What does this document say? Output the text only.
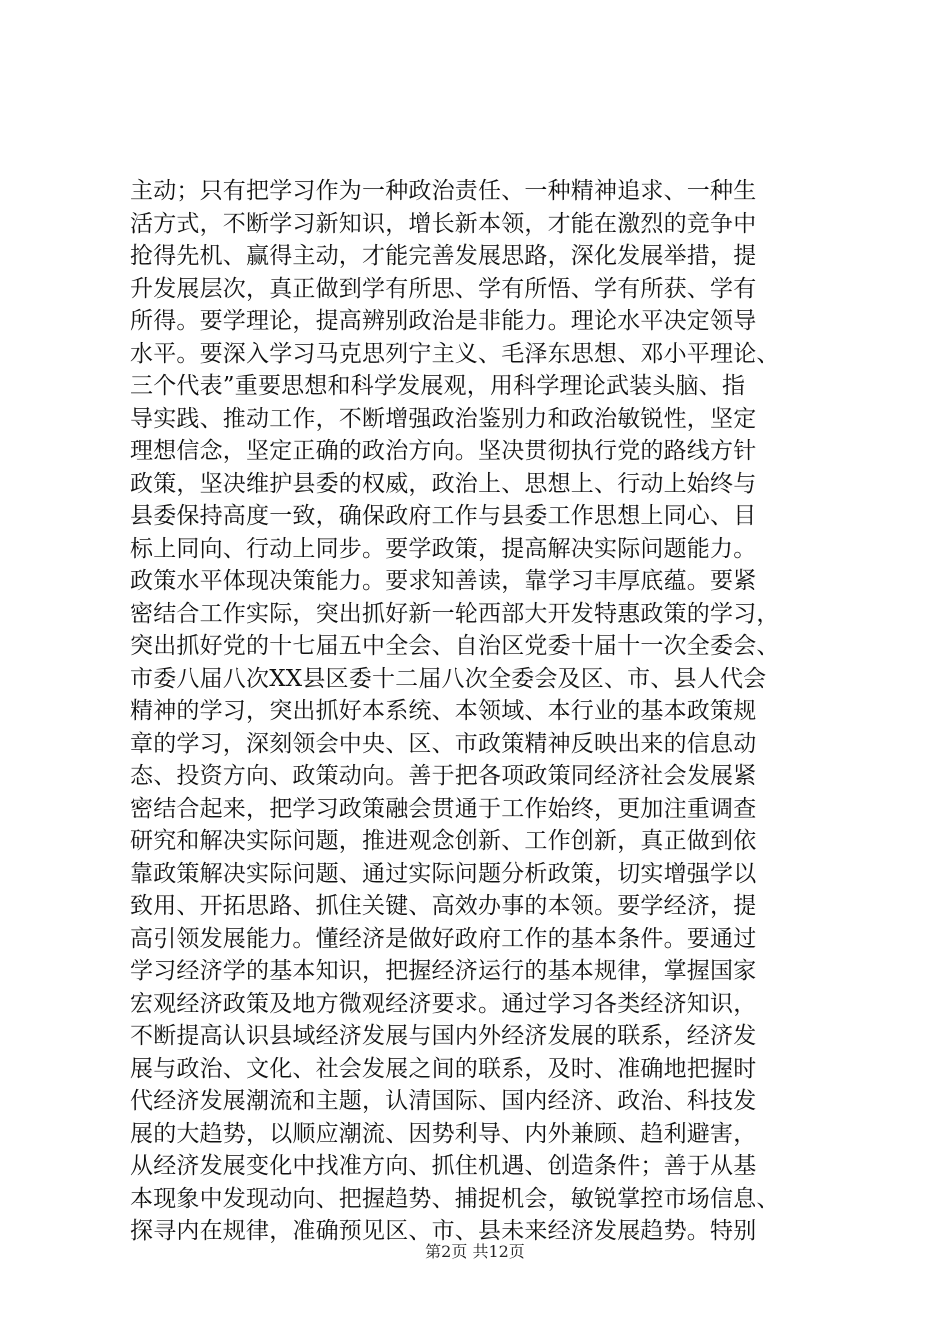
主动；只有把学习作为一种政治责任、一种精神追求、一种生
活方式，不断学习新知识，增长新本领，才能在激烈的竞争中
抢得先机、赢得主动，才能完善发展思路，深化发展举措，提
升发展层次，真正做到学有所思、学有所悟、学有所获、学有
所得。要学理论，提高辨别政治是非能力。理论水平决定领导
水平。要深入学习马克思列宁主义、毛泽东思想、邓小平理论、
三个代表”重要思想和科学发展观，用科学理论武装头脑、指
导实践、推动工作，不断增强政治鉴别力和政治敏锐性，坚定
理想信念，坚定正确的政治方向。坚决贯彻执行党的路线方针
政策，坚决维护县委的权威，政治上、思想上、行动上始终与
县委保持高度一致，确保政府工作与县委工作思想上同心、目
标上同向、行动上同步。要学政策，提高解决实际问题能力。
政策水平体现决策能力。要求知善读，靠学习丰厚底蕴。要紧
密结合工作实际，突出抓好新一轮西部大开发特惠政策的学习，
突出抓好党的十七届五中全会、自治区党委十届十一次全委会、
市委八届八次XX县区委十二届八次全委会及区、市、县人代会
精神的学习，突出抓好本系统、本领域、本行业的基本政策规
章的学习，深刻领会中央、区、市政策精神反映出来的信息动
态、投资方向、政策动向。善于把各项政策同经济社会发展紧
密结合起来，把学习政策融会贯通于工作始终，更加注重调查
研究和解决实际问题，推进观念创新、工作创新，真正做到依
靠政策解决实际问题、通过实际问题分析政策，切实增强学以
致用、开拓思路、抓住关键、高效办事的本领。要学经济，提
高引领发展能力。懂经济是做好政府工作的基本条件。要通过
学习经济学的基本知识，把握经济运行的基本规律，掌握国家
宏观经济政策及地方微观经济要求。通过学习各类经济知识，
不断提高认识县域经济发展与国内外经济发展的联系，经济发
展与政治、文化、社会发展之间的联系，及时、准确地把握时
代经济发展潮流和主题，认清国际、国内经济、政治、科技发
展的大趋势，以顺应潮流、因势利导、内外兼顾、趋利避害，
从经济发展变化中找准方向、抓住机遇、创造条件；善于从基
本现象中发现动向、把握趋势、捕捉机会，敏锐掌控市场信息、
探寻内在规律，准确预见区、市、县未来经济发展趋势。特别
第2页 共12页
